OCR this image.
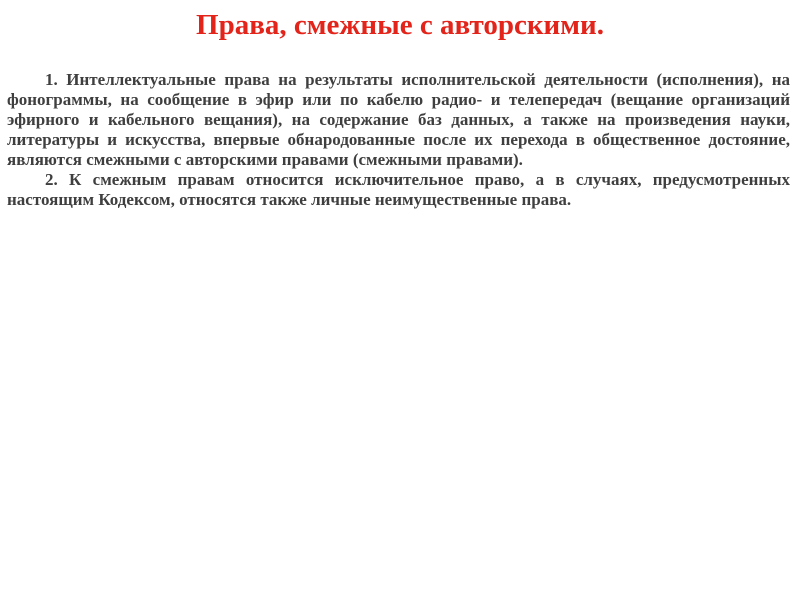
Права, смежные с авторскими.

1. Интеллектуальные права на результаты исполнительской деятельности (исполнения), на фонограммы, на сообщение в эфир или по кабелю радио- и телепередач (вещание организаций эфирного и кабельного вещания), на содержание баз данных, а также на произведения науки, литературы и искусства, впервые обнародованные после их перехода в общественное достояние, являются смежными с авторскими правами (смежными правами).

2. К смежным правам относится исключительное право, а в случаях, предусмотренных настоящим Кодексом, относятся также личные неимущественные права.
